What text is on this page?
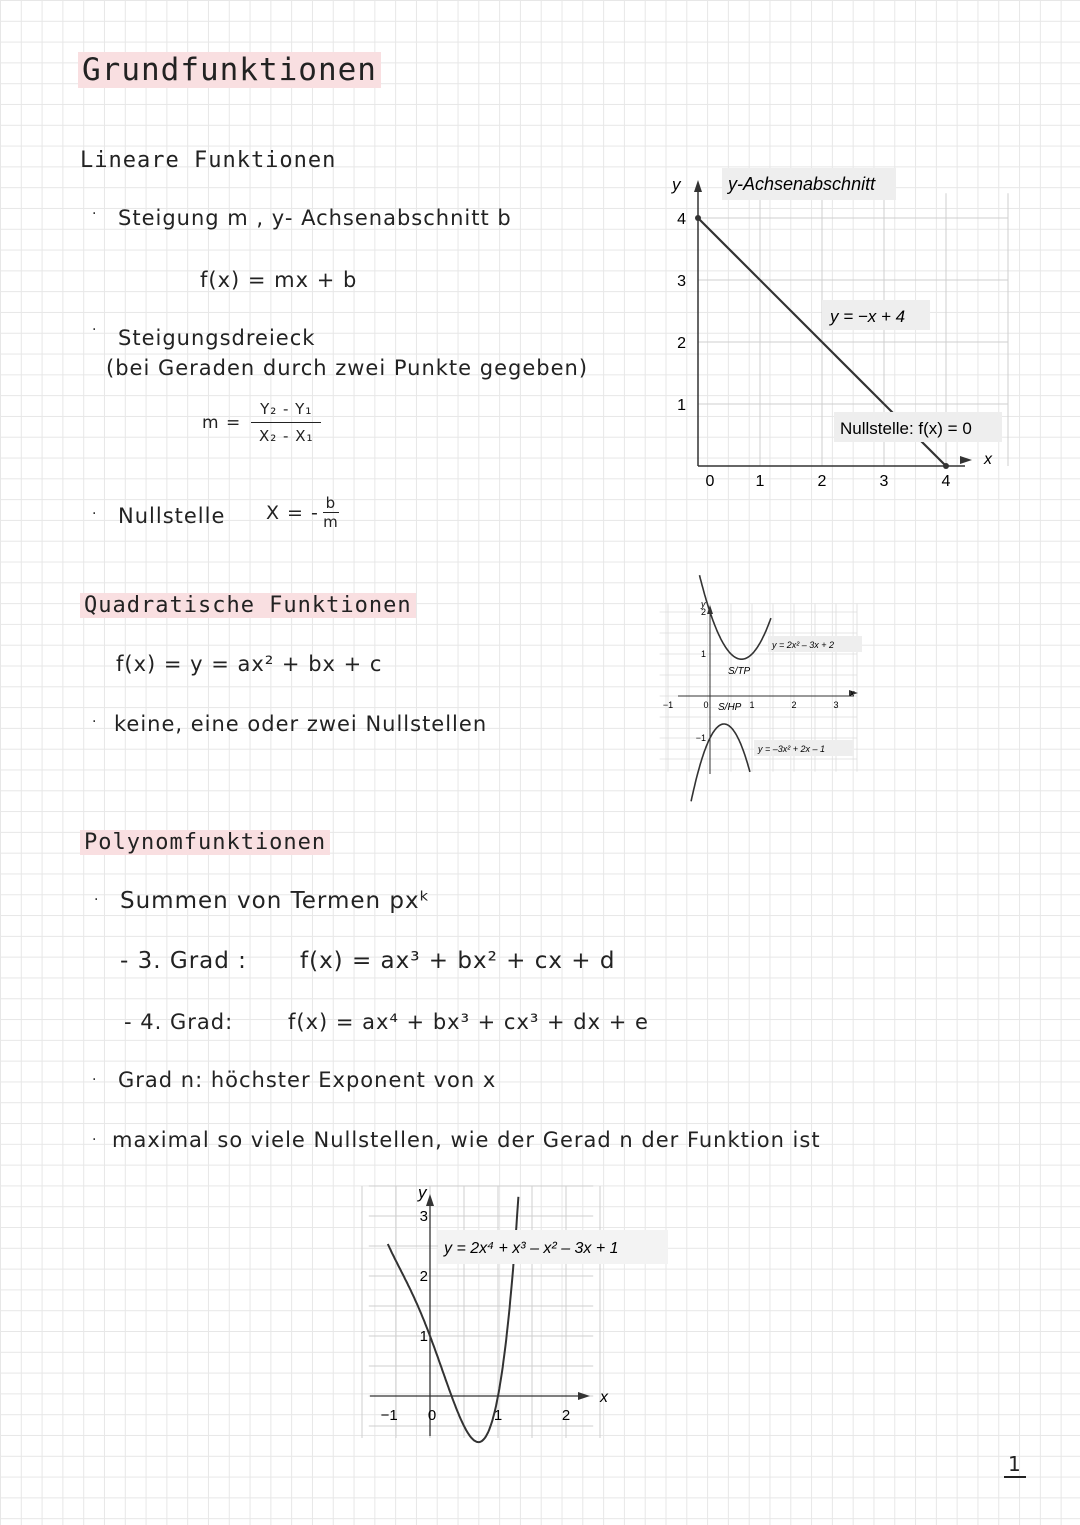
Grundfunktionen
Lineare Funktionen
· Steigung m , y- Achsenabschnitt b
f(x) = mx + b
· Steigungsdreieck
(bei Geraden durch zwei Punkte gegeben)
$m = \frac{\text{Y₂ - Y₁}}{\text{X₂ - X₁}}$
· Nullstelle X = - $\frac{b}{m}$
Quadratische Funktionen
f(x) = y = ax² + bx + c
· keine, eine oder zwei Nullstellen
Polynomfunktionen
· Summen von Termen pxᵏ
- 3. Grad : f(x) = ax³ + bx² + cx + d
- 4. Grad:	f(x) = ax⁴ + bx³ + cx³ + dx + e
· Grad n: höchster Exponent von x
· maximal so viele Nullstellen, wie der Gerad n der Funktion ist
1
x
y
0	1	2	3	4
1
2
3
4
y-Achsenabschnitt
y = −x + 4
Nullstelle: f(x) = 0
x
y
−1	0	1	2	3
2
1
−1
y = 2x² – 3x + 2
y = –3x² + 2x – 1
S/TP
S/HP
x
y
−1 0	1	2
3
2
1
y = 2x⁴ + x³ – x² – 3x + 1
